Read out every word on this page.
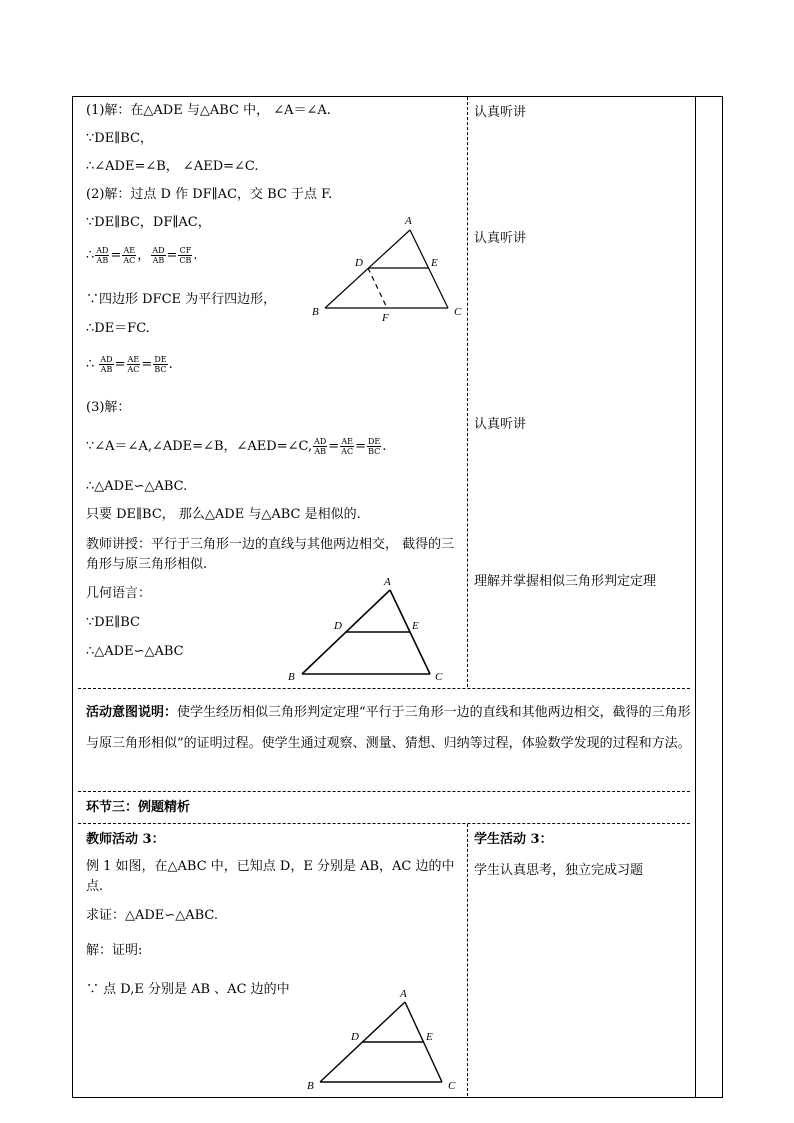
(1)解：在△ADE 与△ABC 中， ∠A＝∠A.
∵DE∥BC，
∴∠ADE=∠B， ∠AED=∠C.
(2)解：过点 D 作 DF∥AC，交 BC 于点 F.
∵DE∥BC，DF∥AC，
∴ $\frac{AD}{AB} = \frac{AE}{AC}$ ， $\frac{AD}{AB} = \frac{CF}{CB}$ .
∵四边形 DFCE 为平行四边形，
∴DE＝FC.
∴ $\frac{AD}{AB} = \frac{AE}{AC} = \frac{DE}{BC}$ .
(3)解：
∵∠A＝∠A,∠ADE=∠B，∠AED=∠C, $\frac{AD}{AB} = \frac{AE}{AC} = \frac{DE}{BC}$ .
∴△ADE∽△ABC.
只要 DE∥BC， 那么△ADE 与△ABC 是相似的.
教师讲授：平行于三角形一边的直线与其他两边相交， 截得的三角形与原三角形相似.
几何语言：
∵DE∥BC
∴△ADE∽△ABC
A
D	E
B	F	C
A
D	E
B	C
认真听讲
认真听讲
认真听讲
理解并掌握相似三角形判定定理
活动意图说明：使学生经历相似三角形判定定理“平行于三角形一边的直线和其他两边相交，截得的三角形与原三角形相似”的证明过程。使学生通过观察、测量、猜想、归纳等过程，体验数学发现的过程和方法。
环节三：例题精析
教师活动 3：	学生活动 3：
例 1 如图，在△ABC 中，已知点 D，E 分别是 AB，AC 边的中点.
求证：△ADE∽△ABC.
解：证明:
∵ 点 D,E 分别是 AB 、AC 边的中
学生认真思考，独立完成习题
A
D	E
B	C
